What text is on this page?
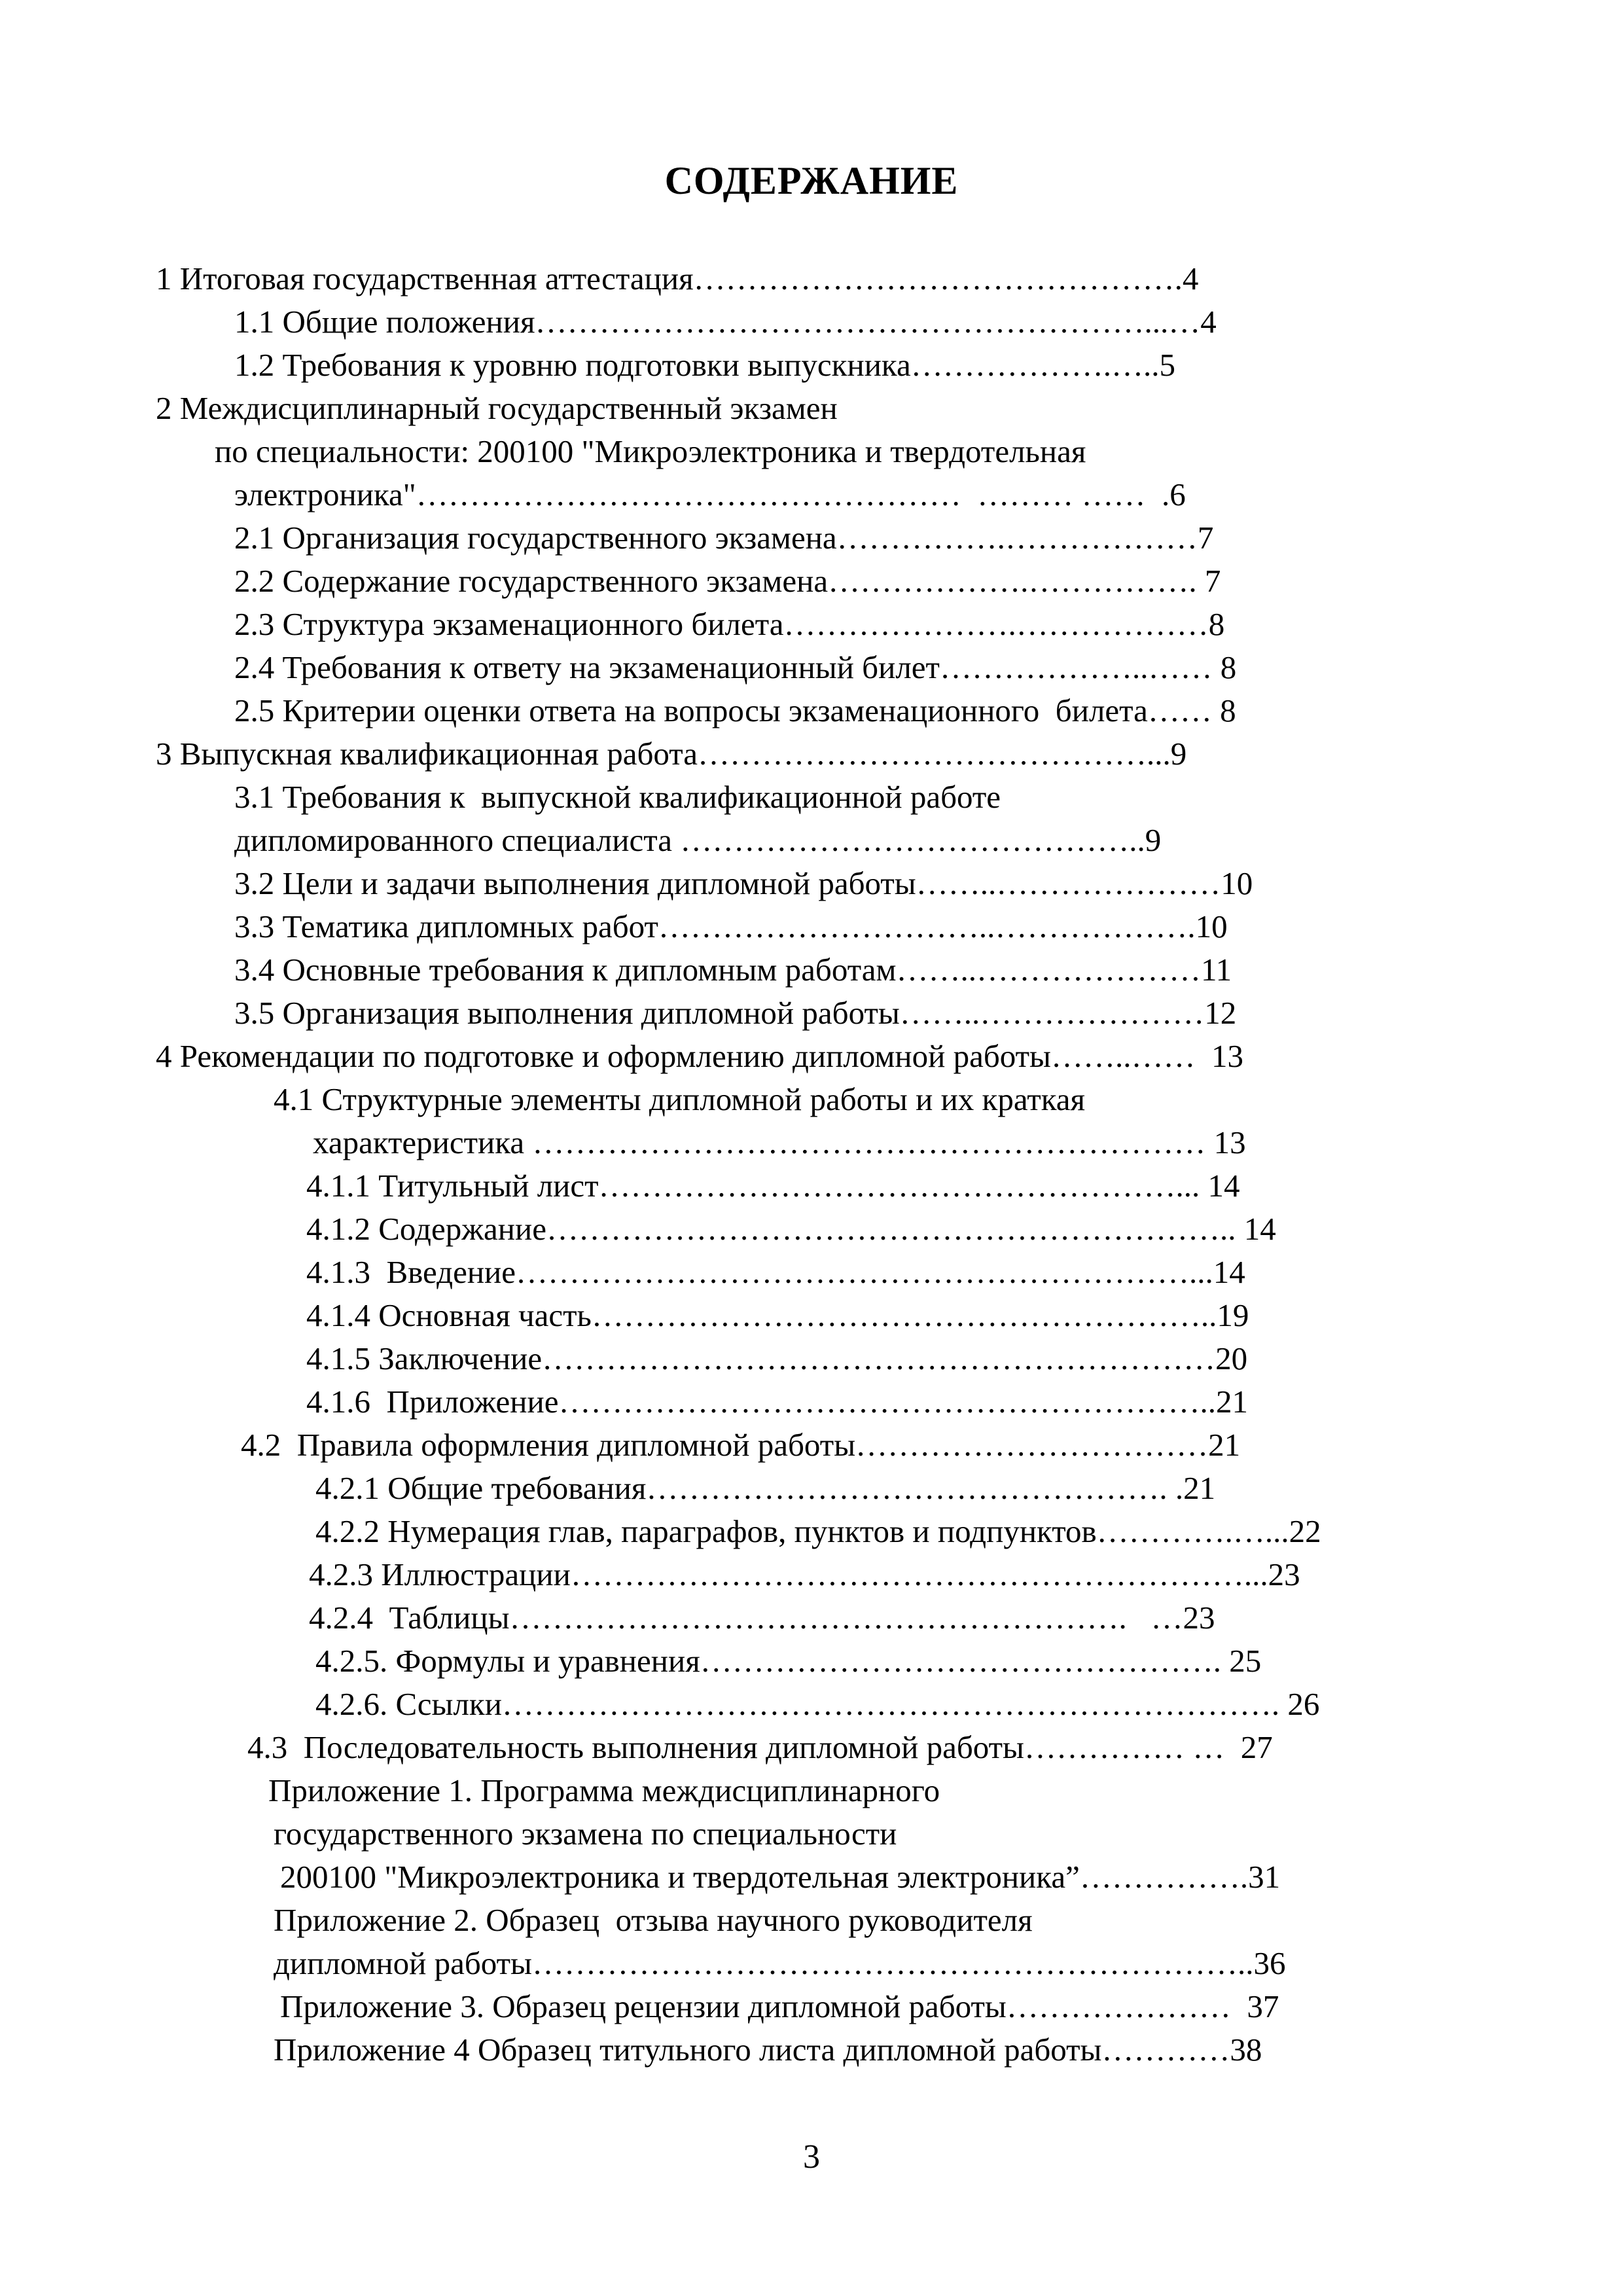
СОДЕРЖАНИЕ
1 Итоговая государственная аттестация……………………………………….4
1.1 Общие положения…………………………………………………...…4
1.2 Требования к уровню подготовки выпускника……………….…..5
2 Междисциплинарный государственный экзамен
по специальности: 200100 "Микроэлектроника и твердотельная
электроника"……………………………………………  ……… ……  .6
2.1 Организация государственного экзамена…………….………………7
2.2 Содержание государственного экзамена……………….……………. 7
2.3 Структура экзаменационного билета………………….………………8
2.4 Требования к ответу на экзаменационный билет………………..…… 8
2.5 Критерии оценки ответа на вопросы экзаменационного  билета…… 8
3 Выпускная квалификационная работа……………………………………...9
3.1 Требования к  выпускной квалификационной работе
дипломированного специалиста ……………………………………..9
3.2 Цели и задачи выполнения дипломной работы……..…………………10
3.3 Тематика дипломных работ…………………………..……………….10
3.4 Основные требования к дипломным работам……..…………………11
3.5 Организация выполнения дипломной работы……..…………………12
4 Рекомендации по подготовке и оформлению дипломной работы……..……  13
4.1 Структурные элементы дипломной работы и их краткая
характеристика ……………………………………………………… 13
4.1.1 Титульный лист………………………………………………... 14
4.1.2 Содержание……………………………………………………….. 14
4.1.3  Введение………………………………………………………...14
4.1.4 Основная часть…………………………………………………..19
4.1.5 Заключение………………………………………………………20
4.1.6  Приложение……………………………………………………..21
4.2  Правила оформления дипломной работы……………………………21
4.2.1 Общие требования…………………………………………. .21
4.2.2 Нумерация глав, параграфов, пунктов и подпунктов………….…...22
4.2.3 Иллюстрации………………………………………………………...23
4.2.4  Таблицы………………………………………………….   …23
4.2.5. Формулы и уравнения…………………………………………. 25
4.2.6. Ссылки………………………………………………………………. 26
4.3  Последовательность выполнения дипломной работы…………… …  27
Приложение 1. Программа междисциплинарного
государственного экзамена по специальности
200100 "Микроэлектроника и твердотельная электроника”…………….31
Приложение 2. Образец  отзыва научного руководителя
дипломной работы…………………………………………………………..36
Приложение 3. Образец рецензии дипломной работы…………………  37
Приложение 4 Образец титульного листа дипломной работы…………38
3
